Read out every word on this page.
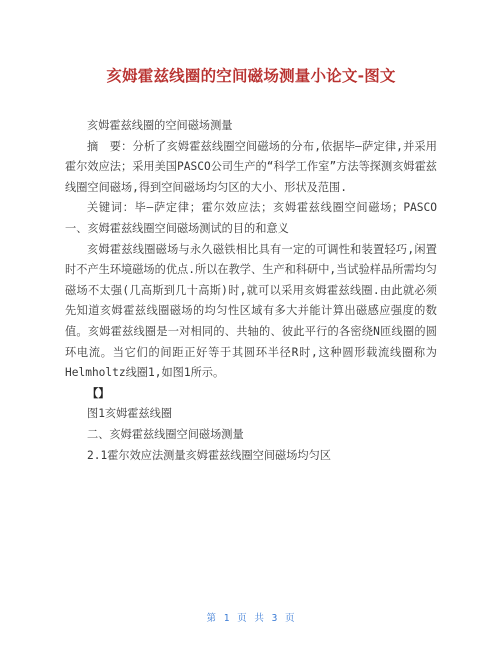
亥姆霍兹线圈的空间磁场测量小论文-图文

亥姆霍兹线圈的空间磁场测量

摘　要：分析了亥姆霍兹线圈空间磁场的分布,依据毕—萨定律,并采用霍尔效应法；采用美国PASCO公司生产的“科学工作室”方法等探测亥姆霍兹线圈空间磁场,得到空间磁场均匀区的大小、形状及范围.

关键词：毕—萨定律；霍尔效应法；亥姆霍兹线圈空间磁场；PASCO 一、亥姆霍兹线圈空间磁场测试的目的和意义

亥姆霍兹线圈磁场与永久磁铁相比具有一定的可调性和装置轻巧,闲置时不产生环境磁场的优点.所以在教学、生产和科研中,当试验样品所需均匀磁场不太强(几高斯到几十高斯)时,就可以采用亥姆霍兹线圈.由此就必须先知道亥姆霍兹线圈磁场的均匀性区域有多大并能计算出磁感应强度的数值。亥姆霍兹线圈是一对相同的、共轴的、彼此平行的各密绕N匝线圈的圆环电流。当它们的间距正好等于其圆环半径R时,这种圆形载流线圈称为Helmholtz线圈1,如图1所示。

【】

图1亥姆霍兹线圈

二、亥姆霍兹线圈空间磁场测量

2.1霍尔效应法测量亥姆霍兹线圈空间磁场均匀区

第 1 页 共 3 页
